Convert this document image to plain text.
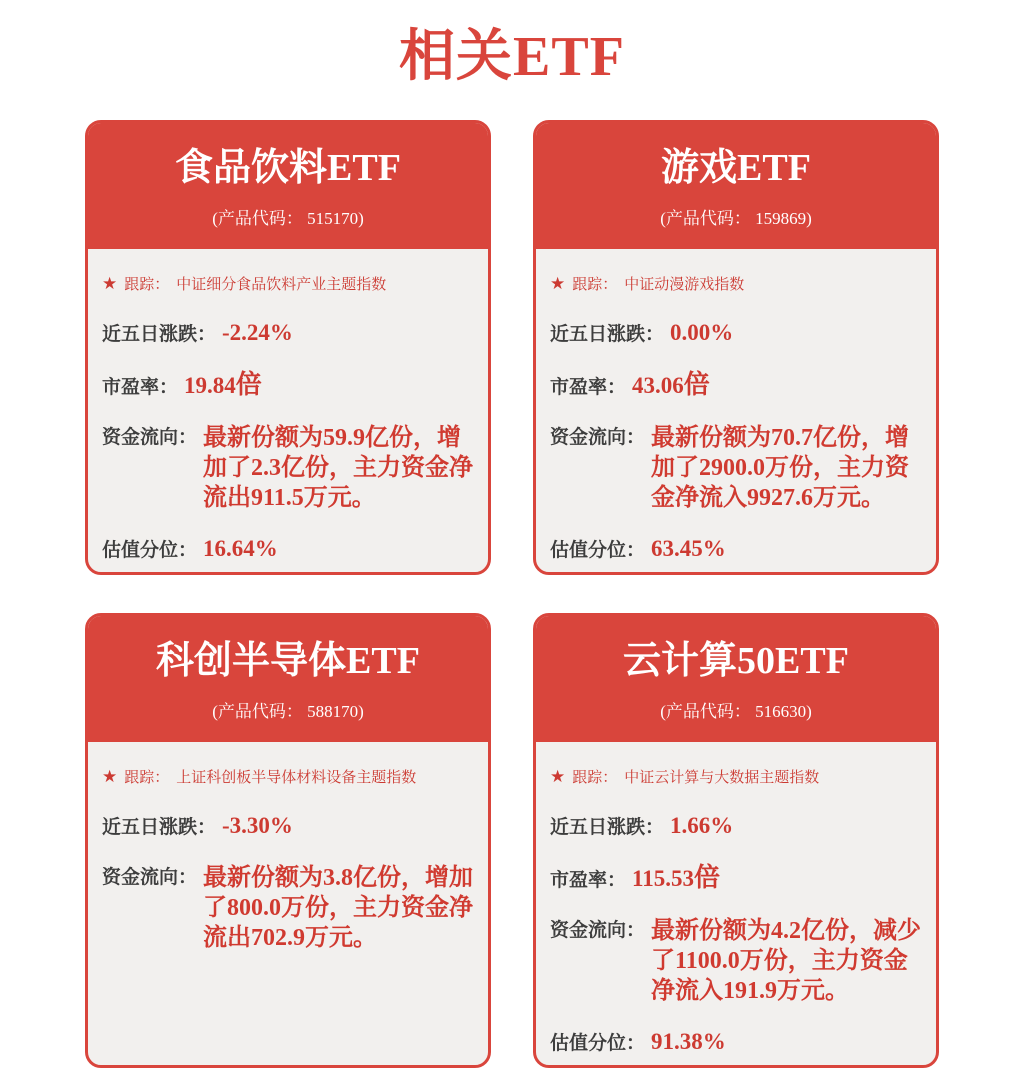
相关ETF
食品饮料ETF
(产品代码： 515170)
★ 跟踪： 中证细分食品饮料产业主题指数
近五日涨跌： -2.24%
市盈率： 19.84倍
资金流向： 最新份额为59.9亿份，增加了2.3亿份，主力资金净流出911.5万元。
估值分位： 16.64%
游戏ETF
(产品代码： 159869)
★ 跟踪： 中证动漫游戏指数
近五日涨跌： 0.00%
市盈率： 43.06倍
资金流向： 最新份额为70.7亿份，增加了2900.0万份，主力资金净流入9927.6万元。
估值分位： 63.45%
科创半导体ETF
(产品代码： 588170)
★ 跟踪： 上证科创板半导体材料设备主题指数
近五日涨跌： -3.30%
资金流向： 最新份额为3.8亿份，增加了800.0万份，主力资金净流出702.9万元。
云计算50ETF
(产品代码： 516630)
★ 跟踪： 中证云计算与大数据主题指数
近五日涨跌： 1.66%
市盈率： 115.53倍
资金流向： 最新份额为4.2亿份，减少了1100.0万份，主力资金净流入191.9万元。
估值分位： 91.38%
